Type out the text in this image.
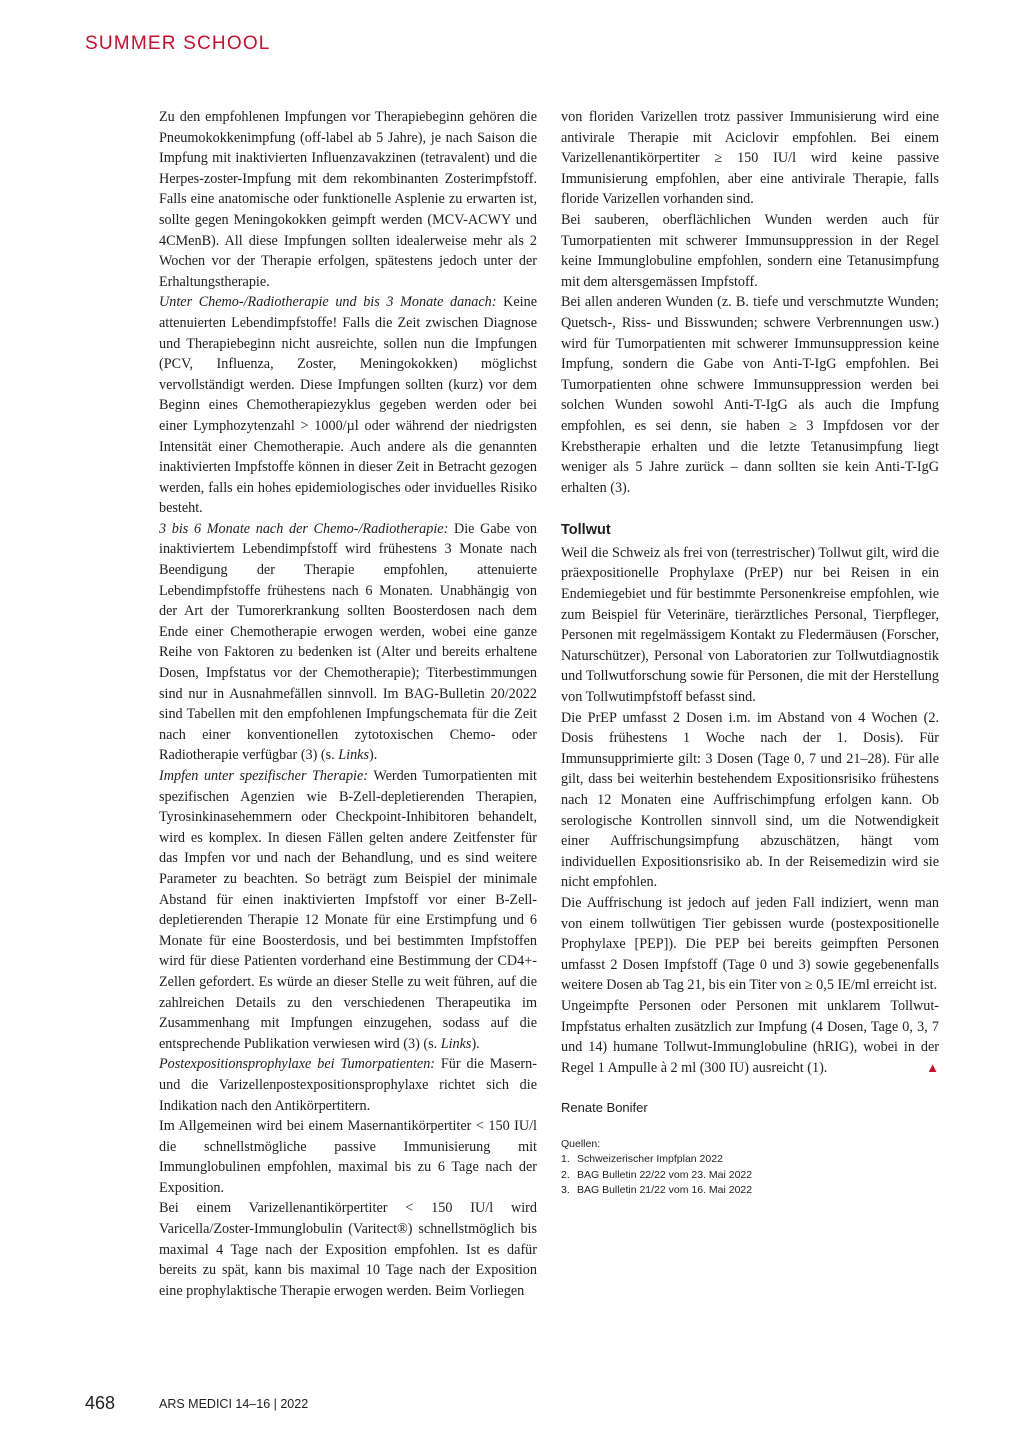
SUMMER SCHOOL

Zu den empfohlenen Impfungen vor Therapiebeginn gehören die Pneumokokkenimpfung (off-label ab 5 Jahre), je nach Saison die Impfung mit inaktivierten Influenzavakzinen (tetravalent) und die Herpes-zoster-Impfung mit dem rekombinanten Zosterimpfstoff. Falls eine anatomische oder funktionelle Asplenie zu erwarten ist, sollte gegen Meningokokken geimpft werden (MCV-ACWY und 4CMenB). All diese Impfungen sollten idealerweise mehr als 2 Wochen vor der Therapie erfolgen, spätestens jedoch unter der Erhaltungstherapie.

Unter Chemo-/Radiotherapie und bis 3 Monate danach: Keine attenuierten Lebendimpfstoffe! Falls die Zeit zwischen Diagnose und Therapiebeginn nicht ausreichte, sollen nun die Impfungen (PCV, Influenza, Zoster, Meningokokken) möglichst vervollständigt werden. Diese Impfungen sollten (kurz) vor dem Beginn eines Chemotherapiezyklus gegeben werden oder bei einer Lymphozytenzahl > 1000/µl oder während der niedrigsten Intensität einer Chemotherapie. Auch andere als die genannten inaktivierten Impfstoffe können in dieser Zeit in Betracht gezogen werden, falls ein hohes epidemiologisches oder inviduelles Risiko besteht.

3 bis 6 Monate nach der Chemo-/Radiotherapie: Die Gabe von inaktiviertem Lebendimpfstoff wird frühestens 3 Monate nach Beendigung der Therapie empfohlen, attenuierte Lebendimpfstoffe frühestens nach 6 Monaten. Unabhängig von der Art der Tumorerkrankung sollten Boosterdosen nach dem Ende einer Chemotherapie erwogen werden, wobei eine ganze Reihe von Faktoren zu bedenken ist (Alter und bereits erhaltene Dosen, Impfstatus vor der Chemotherapie); Titerbestimmungen sind nur in Ausnahmefällen sinnvoll. Im BAG-Bulletin 20/2022 sind Tabellen mit den empfohlenen Impfungschemata für die Zeit nach einer konventionellen zytotoxischen Chemo- oder Radiotherapie verfügbar (3) (s. Links).

Impfen unter spezifischer Therapie: Werden Tumorpatienten mit spezifischen Agenzien wie B-Zell-depletierenden Therapien, Tyrosinkinasehemmern oder Checkpoint-Inhibitoren behandelt, wird es komplex. In diesen Fällen gelten andere Zeitfenster für das Impfen vor und nach der Behandlung, und es sind weitere Parameter zu beachten. So beträgt zum Beispiel der minimale Abstand für einen inaktivierten Impfstoff vor einer B-Zell-depletierenden Therapie 12 Monate für eine Erstimpfung und 6 Monate für eine Boosterdosis, und bei bestimmten Impfstoffen wird für diese Patienten vorderhand eine Bestimmung der CD4+-Zellen gefordert. Es würde an dieser Stelle zu weit führen, auf die zahlreichen Details zu den verschiedenen Therapeutika im Zusammenhang mit Impfungen einzugehen, sodass auf die entsprechende Publikation verwiesen wird (3) (s. Links).

Postexpositionsprophylaxe bei Tumorpatienten: Für die Masern- und die Varizellenpostexpositionsprophylaxe richtet sich die Indikation nach den Antikörpertitern.

Im Allgemeinen wird bei einem Masernantikörpertiter < 150 IU/l die schnellstmögliche passive Immunisierung mit Immunglobulinen empfohlen, maximal bis zu 6 Tage nach der Exposition.

Bei einem Varizellenantikörpertiter < 150 IU/l wird Varicella/Zoster-Immunglobulin (Varitect®) schnellstmöglich bis maximal 4 Tage nach der Exposition empfohlen. Ist es dafür bereits zu spät, kann bis maximal 10 Tage nach der Exposition eine prophylaktische Therapie erwogen werden. Beim Vorliegen

von floriden Varizellen trotz passiver Immunisierung wird eine antivirale Therapie mit Aciclovir empfohlen. Bei einem Varizellenantikörpertiter ≥ 150 IU/l wird keine passive Immunisierung empfohlen, aber eine antivirale Therapie, falls floride Varizellen vorhanden sind.

Bei sauberen, oberflächlichen Wunden werden auch für Tumorpatienten mit schwerer Immunsuppression in der Regel keine Immunglobuline empfohlen, sondern eine Tetanusimpfung mit dem altersgemässen Impfstoff.

Bei allen anderen Wunden (z. B. tiefe und verschmutzte Wunden; Quetsch-, Riss- und Bisswunden; schwere Verbrennungen usw.) wird für Tumorpatienten mit schwerer Immunsuppression keine Impfung, sondern die Gabe von Anti-T-IgG empfohlen. Bei Tumorpatienten ohne schwere Immunsuppression werden bei solchen Wunden sowohl Anti-T-IgG als auch die Impfung empfohlen, es sei denn, sie haben ≥ 3 Impfdosen vor der Krebstherapie erhalten und die letzte Tetanusimpfung liegt weniger als 5 Jahre zurück – dann sollten sie kein Anti-T-IgG erhalten (3).

Tollwut

Weil die Schweiz als frei von (terrestrischer) Tollwut gilt, wird die präexpositionelle Prophylaxe (PrEP) nur bei Reisen in ein Endemiegebiet und für bestimmte Personenkreise empfohlen, wie zum Beispiel für Veterinäre, tierärztliches Personal, Tierpfleger, Personen mit regelmässigem Kontakt zu Fledermäusen (Forscher, Naturschützer), Personal von Laboratorien zur Tollwutdiagnostik und Tollwutforschung sowie für Personen, die mit der Herstellung von Tollwutimpfstoff befasst sind.

Die PrEP umfasst 2 Dosen i.m. im Abstand von 4 Wochen (2. Dosis frühestens 1 Woche nach der 1. Dosis). Für Immunsupprimierte gilt: 3 Dosen (Tage 0, 7 und 21–28). Für alle gilt, dass bei weiterhin bestehendem Expositionsrisiko frühestens nach 12 Monaten eine Auffrischimpfung erfolgen kann. Ob serologische Kontrollen sinnvoll sind, um die Notwendigkeit einer Auffrischungsimpfung abzuschätzen, hängt vom individuellen Expositionsrisiko ab. In der Reisemedizin wird sie nicht empfohlen.

Die Auffrischung ist jedoch auf jeden Fall indiziert, wenn man von einem tollwütigen Tier gebissen wurde (postexpositionelle Prophylaxe [PEP]). Die PEP bei bereits geimpften Personen umfasst 2 Dosen Impfstoff (Tage 0 und 3) sowie gegebenenfalls weitere Dosen ab Tag 21, bis ein Titer von ≥ 0,5 IE/ml erreicht ist.

Ungeimpfte Personen oder Personen mit unklarem Tollwut-Impfstatus erhalten zusätzlich zur Impfung (4 Dosen, Tage 0, 3, 7 und 14) humane Tollwut-Immunglobuline (hRIG), wobei in der Regel 1 Ampulle à 2 ml (300 IU) ausreicht (1).	▲

Renate Bonifer

Quellen:
1. Schweizerischer Impfplan 2022
2. BAG Bulletin 22/22 vom 23. Mai 2022
3. BAG Bulletin 21/22 vom 16. Mai 2022
468	ARS MEDICI 14–16 | 2022
